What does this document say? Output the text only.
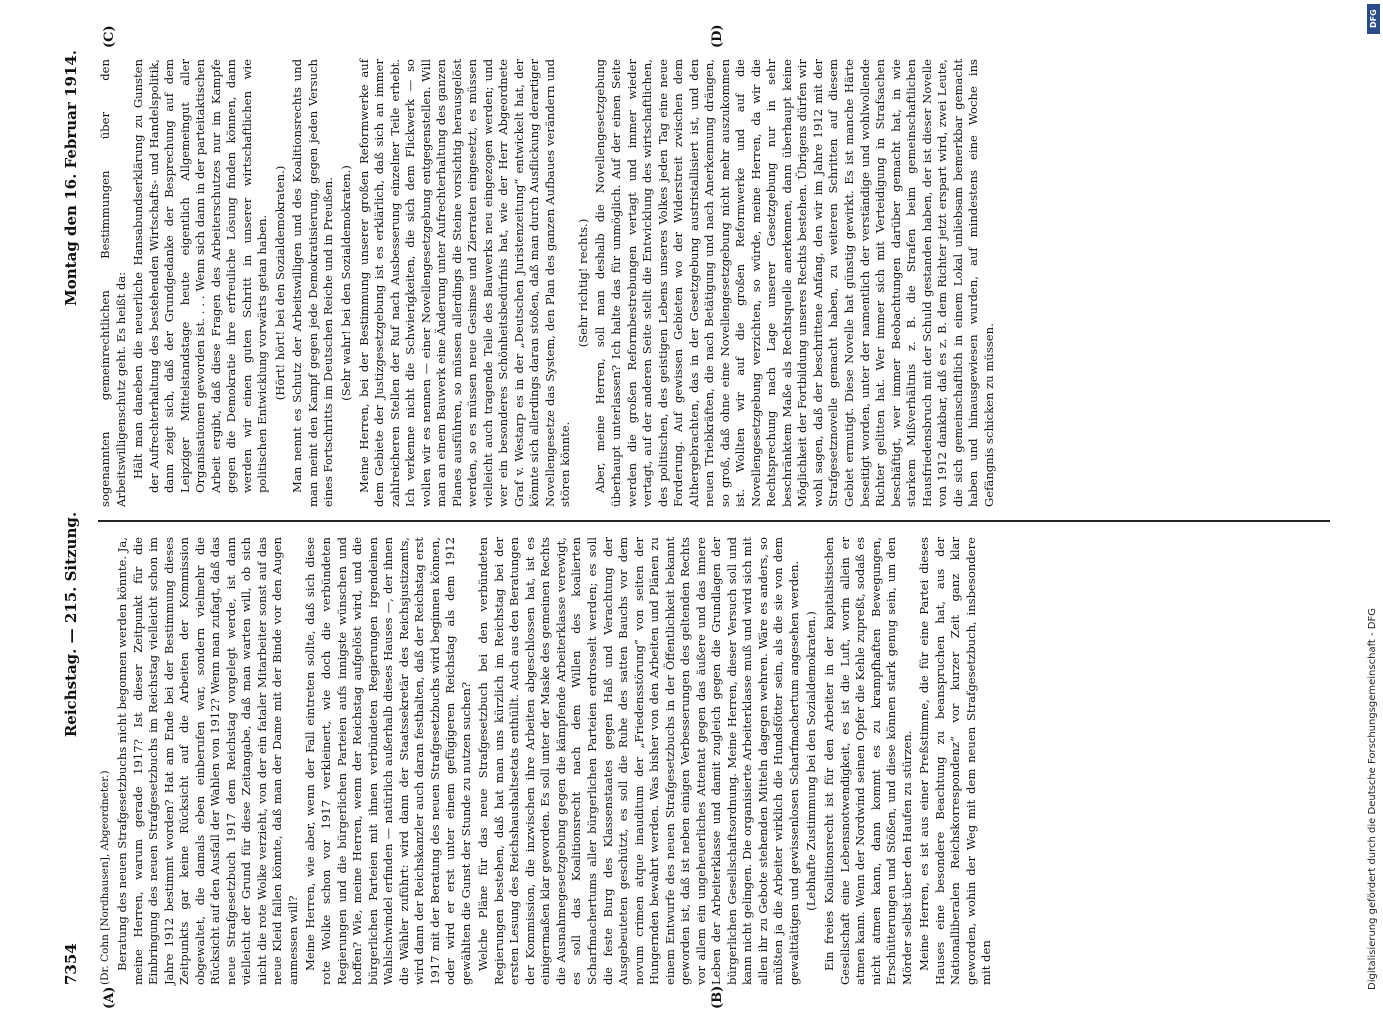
7354
Reichstag. — 215. Sitzung.
Montag den 16. Februar 1914.
(A)	(B)
(C)	(D)

(Dr. Cohn [Nordhausen], Abgeordneter.) Beratung des neuen Strafgesetzbuchs nicht begonnen werden könnte. Ja, meine Herren, warum gerade 1917? Ist dieser Zeitpunkt für die Einbringung des neuen Strafgesetzbuchs im Reichstag vielleicht schon im Jahre 1912 bestimmt worden? Hat am Ende bei der Bestimmung dieses Zeitpunkts gar keine Rücksicht auf die Arbeiten der Kommission obgewaltet, die damals eben einberufen war, sondern vielmehr die Rücksicht auf den Ausfall der Wahlen von 1912? Wenn man zufagt, daß das neue Strafgesetzbuch 1917 dem Reichstag vorgelegt werde, ist dann vielleicht der Grund für diese Zeitangabe, daß man warten will, ob sich nicht die rote Wolke verzieht, von der ein fataler Mitarbeiter sonst auf das neue Kleid fallen könnte, daß man der Dame mit der Binde vor den Augen anmessen will? Meine Herren, wie aber, wenn der Fall eintreten sollte, daß sich diese rote Wolke schon vor 1917 verkleinert, wie doch die verbündeten Regierungen und die bürgerlichen Parteien aufs innigste wünschen und hoffen? Wie, meine Herren, wenn der Reichstag aufgelöst wird, und die bürgerlichen Parteien mit ihnen verbündeten Regierungen irgendeinen Wahlschwindel erfinden — natürlich außerhalb dieses Hauses —, der ihnen die Wähler zuführt: wird dann der Staatssekretär des Reichsjustizamts, wird dann der Reichskanzler auch daran festhalten, daß der Reichstag erst 1917 mit der Beratung des neuen Strafgesetzbuchs wird beginnen können, oder wird er erst unter einem gefügigeren Reichstag als dem 1912 gewählten die Gunst der Stunde zu nutzen suchen? Welche Pläne für das neue Strafgesetzbuch bei den verbündeten Regierungen bestehen, daß hat man uns kürzlich im Reichstag bei der ersten Lesung des Reichshaushaltsetats enthüllt. Auch aus den Beratungen der Kommission, die inzwischen ihre Arbeiten abgeschlossen hat, ist es einigermaßen klar geworden. Es soll unter der Maske des gemeinen Rechts die Ausnahmegesetzgebung gegen die kämpfende Arbeiterklasse verewigt, es soll das Koalitionsrecht nach dem Willen des koalierten Scharfmachertums aller bürgerlichen Parteien erdrosselt werden; es soll die feste Burg des Klassenstaates gegen Haß und Verachtung der Ausgebeuteten geschützt, es soll die Ruhe des satten Bauchs vor dem novum crimen atque inauditum der „Friedensstörung“ von seiten der Hungernden bewahrt werden. Was bisher von den Arbeiten und Plänen zu einem Entwurfe des neuen Strafgesetzbuchs in der Öffentlichkeit bekannt geworden ist, daß ist neben einigen Verbesserungen des geltenden Rechts vor allem ein ungeheuerliches Attentat gegen das äußere und das innere Leben der Arbeiterklasse und damit zugleich gegen die Grundlagen der bürgerlichen Gesellschaftsordnung. Meine Herren, dieser Versuch soll und kann nicht gelingen. Die organisierte Arbeiterklasse muß und wird sich mit allen ihr zu Gebote stehenden Mitteln dagegen wehren. Wäre es anders, so müßten ja die Arbeiter wirklich die Hundsfötter sein, als die sie von dem gewalttätigen und gewissenlosen Scharfmachertum angesehen werden. (Lebhafte Zustimmung bei den Sozialdemokraten.) Ein freies Koalitionsrecht ist für den Arbeiter in der kapitalistischen Gesellschaft eine Lebensnotwendigkeit, es ist die Luft, worin allein er atmen kann. Wenn der Nordwind seinen Opfer die Kehle zupreßt, sodaß es nicht atmen kann, dann kommt es zu krampfhaften Bewegungen, Erschütterungen und Stößen, und diese können stark genug sein, um den Mörder selbst über den Haufen zu stürzen. Meine Herren, es ist aus einer Preßstimme, die für eine Partei dieses Hauses eine besondere Beachtung zu beanspruchen hat, aus der Nationalliberalen Reichskorrespondenz“ vor kurzer Zeit ganz klar geworden, wohin der Weg mit dem neuen Strafgesetzbuch, insbesondere mit den

sogenannten gemeinrechtlichen Bestimmungen über den Arbeitswilligenschutz geht. Es heißt da: Hält man daneben die neuerliche Hansabundserklärung zu Gunsten der Aufrechterhaltung des bestehenden Wirtschafts- und Handelspolitik, dann zeigt sich, daß der Grundgedanke der Besprechung auf dem Leipziger Mittelstandstage heute eigentlich Allgemeingut aller Organisationen geworden ist. . . . Wenn sich dann in der parteitaktischen Arbeit ergibt, daß diese Fragen des Arbeiterschutzes nur im Kampfe gegen die Demokratie ihre erfreuliche Lösung finden können, dann werden wir einen guten Schritt in unserer wirtschaftlichen wie politischen Entwicklung vorwärts getan haben. (Hört! hört! bei den Sozialdemokraten.) Man nennt es Schutz der Arbeitswilligen und des Koalitionsrechts und man meint den Kampf gegen jede Demokratisierung, gegen jeden Versuch eines Fortschritts im Deutschen Reiche und in Preußen. (Sehr wahr! bei den Sozialdemokraten.) Meine Herren, bei der Bestimmung unserer großen Reformwerke auf dem Gebiete der Justizgesetzgebung ist es erklärlich, daß sich an immer zahlreicheren Stellen der Ruf nach Ausbesserung einzelner Teile erhebt. Ich verkenne nicht die Schwierigkeiten, die sich dem Flickwerk — so wollen wir es nennen — einer Novellengesetzgebung entgegenstellen. Will man an einem Bauwerk eine Änderung unter Aufrechterhaltung des ganzen Planes ausführen, so müssen allerdings die Steine vorsichtig herausgelöst werden, so es müssen neue Gesimse und Zierraten eingesetzt, es müssen vielleicht auch tragende Teile des Bauwerks neu eingezogen werden; und wer ein besonderes Schönheitsbedürfnis hat, wie der Herr Abgeordnete Graf v. Westarp es in der „Deutschen Juristenzeitung“ entwickelt hat, der könnte sich allerdings daran stoßen, daß man durch Ausflickung derartiger Novellengesetze das System, den Plan des ganzen Aufbaues verändern und stören könnte.

(Sehr richtig! rechts.) Aber, meine Herren, soll man deshalb die Novellengesetzgebung überhaupt unterlassen? Ich halte das für unmöglich. Auf der einen Seite werden die großen Reformbestrebungen vertagt und immer wieder vertagt, auf der anderen Seite stellt die Entwicklung des wirtschaftlichen, des politischen, des geistigen Lebens unseres Volkes jeden Tag eine neue Forderung. Auf gewissen Gebieten wo der Widerstreit zwischen dem Althergebrachten, das in der Gesetzgebung austristallisiert ist, und den neuen Triebkräften, die nach Betätigung und nach Anerkennung drängen, so groß, daß ohne eine Novellengesetzgebung nicht mehr auszukommen ist. Wollten wir auf die großen Reformwerke und auf die Novellengesetzgebung verzichten, so würde, meine Herren, da wir die Rechtsprechung nach Lage unserer Gesetzgebung nur in sehr beschränktem Maße als Rechtsquelle anerkennen, dann überhaupt keine Möglichkeit der Fortbildung unseres Rechts bestehen. Übrigens dürfen wir wohl sagen, daß der beschrittene Anfang, den wir im Jahre 1912 mit der Strafgesetznovelle gemacht haben, zu weiteren Schritten auf diesem Gebiet ermutigt. Diese Novelle hat günstig gewirkt. Es ist manche Härte beseitigt worden, unter der namentlich der verständige und wohlwollende Richter gelitten hat. Wer immer sich mit Verteidigung in Strafsachen beschäftigt, wer immer Beobachtungen darüber gemacht hat, in wie starkem Mißverhältnis z. B. die Strafen beim gemeinschaftlichen Hausfriedensbruch mit der Schuld gestanden haben, der ist dieser Novelle von 1912 dankbar, daß es z. B. dem Richter jetzt erspart wird, zwei Leute, die sich gemeinschaftlich in einem Lokal unliebsam bemerkbar gemacht haben und hinausgewiesen wurden, auf mindestens eine Woche ins Gefängnis schicken zu müssen.

DFG
Digitalisierung gefördert durch die Deutsche Forschungsgemeinschaft - DFG
